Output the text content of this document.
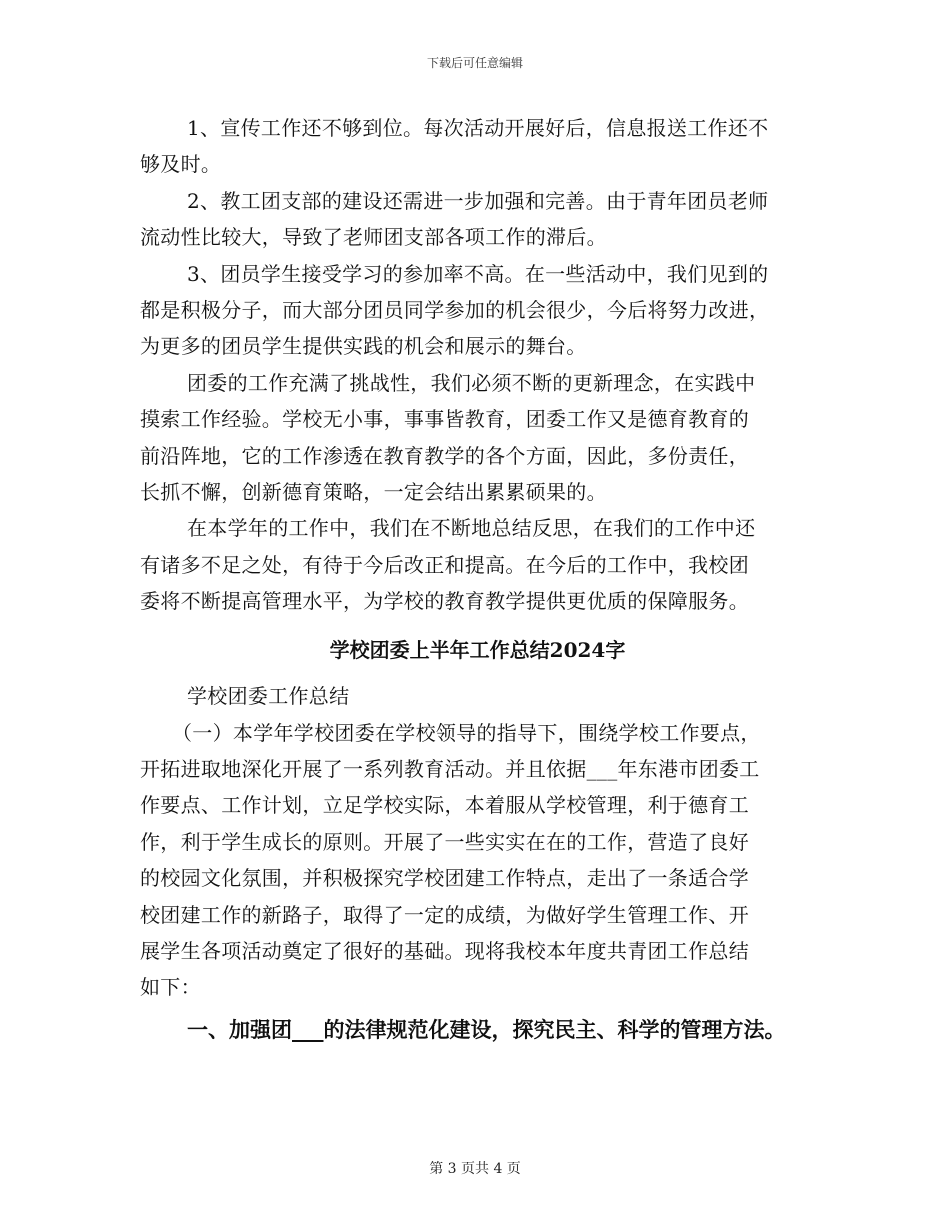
下载后可任意编辑
1、宣传工作还不够到位。每次活动开展好后，信息报送工作还不
够及时。
2、教工团支部的建设还需进一步加强和完善。由于青年团员老师
流动性比较大，导致了老师团支部各项工作的滞后。
3、团员学生接受学习的参加率不高。在一些活动中，我们见到的
都是积极分子，而大部分团员同学参加的机会很少，今后将努力改进，
为更多的团员学生提供实践的机会和展示的舞台。
团委的工作充满了挑战性，我们必须不断的更新理念，在实践中
摸索工作经验。学校无小事，事事皆教育，团委工作又是德育教育的
前沿阵地，它的工作渗透在教育教学的各个方面，因此，多份责任，
长抓不懈，创新德育策略，一定会结出累累硕果的。
在本学年的工作中，我们在不断地总结反思，在我们的工作中还
有诸多不足之处，有待于今后改正和提高。在今后的工作中，我校团
委将不断提高管理水平，为学校的教育教学提供更优质的保障服务。
学校团委上半年工作总结2024字
学校团委工作总结
（一）本学年学校团委在学校领导的指导下，围绕学校工作要点，
开拓进取地深化开展了一系列教育活动。并且依据___年东港市团委工
作要点、工作计划，立足学校实际，本着服从学校管理，利于德育工
作，利于学生成长的原则。开展了一些实实在在的工作，营造了良好
的校园文化氛围，并积极探究学校团建工作特点，走出了一条适合学
校团建工作的新路子，取得了一定的成绩，为做好学生管理工作、开
展学生各项活动奠定了很好的基础。现将我校本年度共青团工作总结
如下：
一、加强团___的法律规范化建设，探究民主、科学的管理方法。
第 3 页共 4 页
